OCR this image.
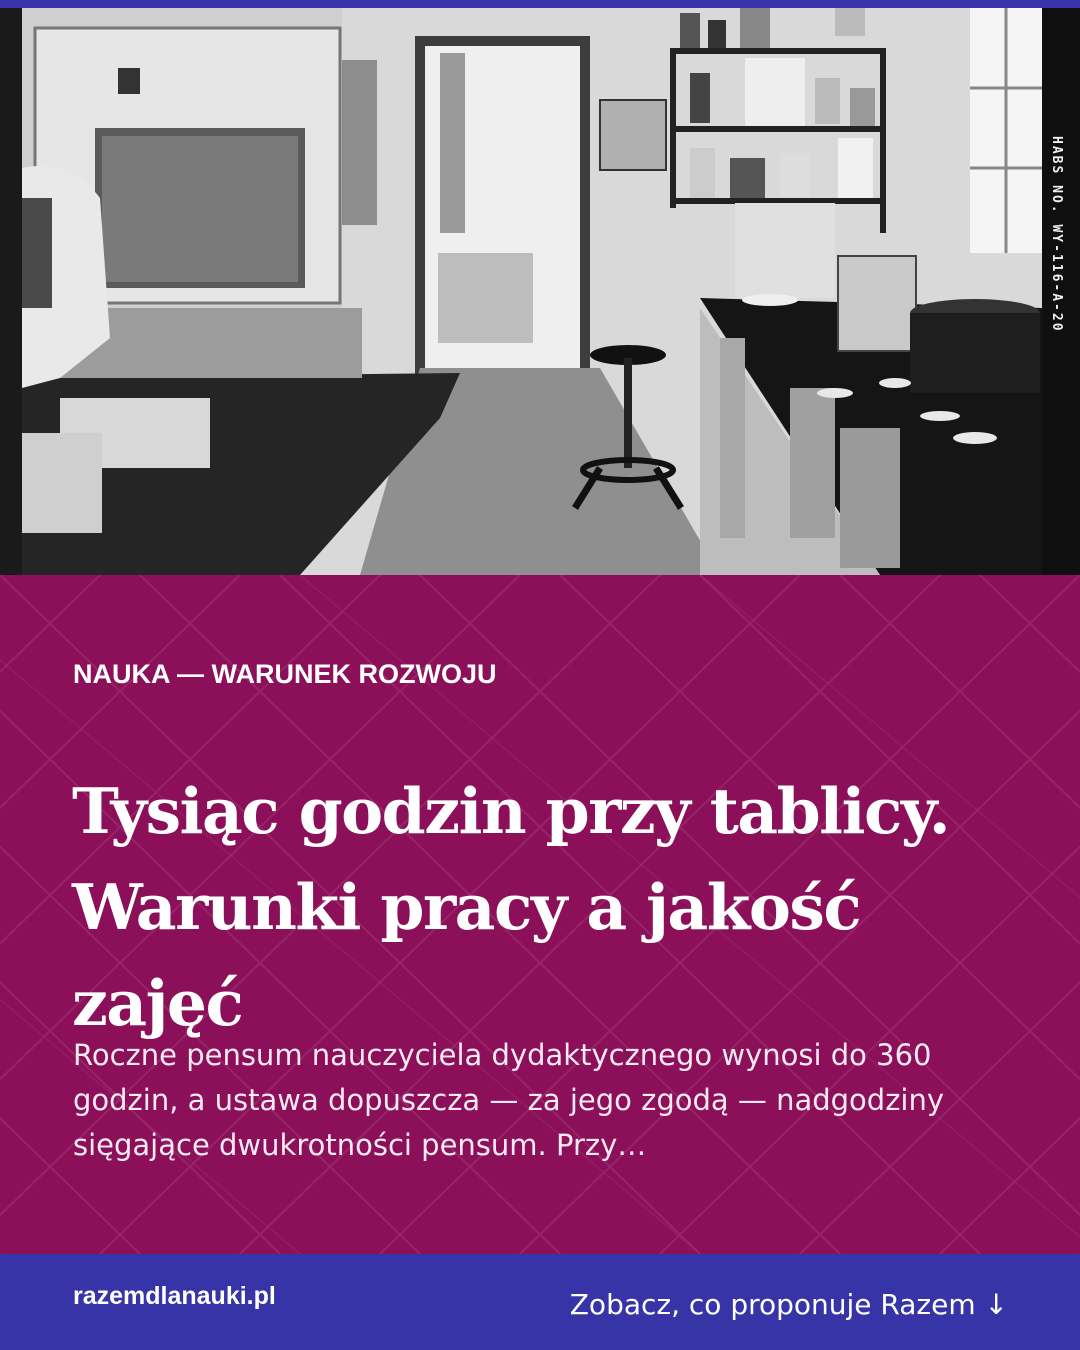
HABS NO. WY-116-A-20
NAUKA — WARUNEK ROZWOJU
Tysiąc godzin przy tablicy. Warunki pracy a jakość zajęć

Roczne pensum nauczyciela dydaktycznego wynosi do 360 godzin, a ustawa dopuszcza — za jego zgodą — nadgodziny sięgające dwukrotności pensum. Przy…

razemdlanauki.pl	Zobacz, co proponuje Razem ↓
